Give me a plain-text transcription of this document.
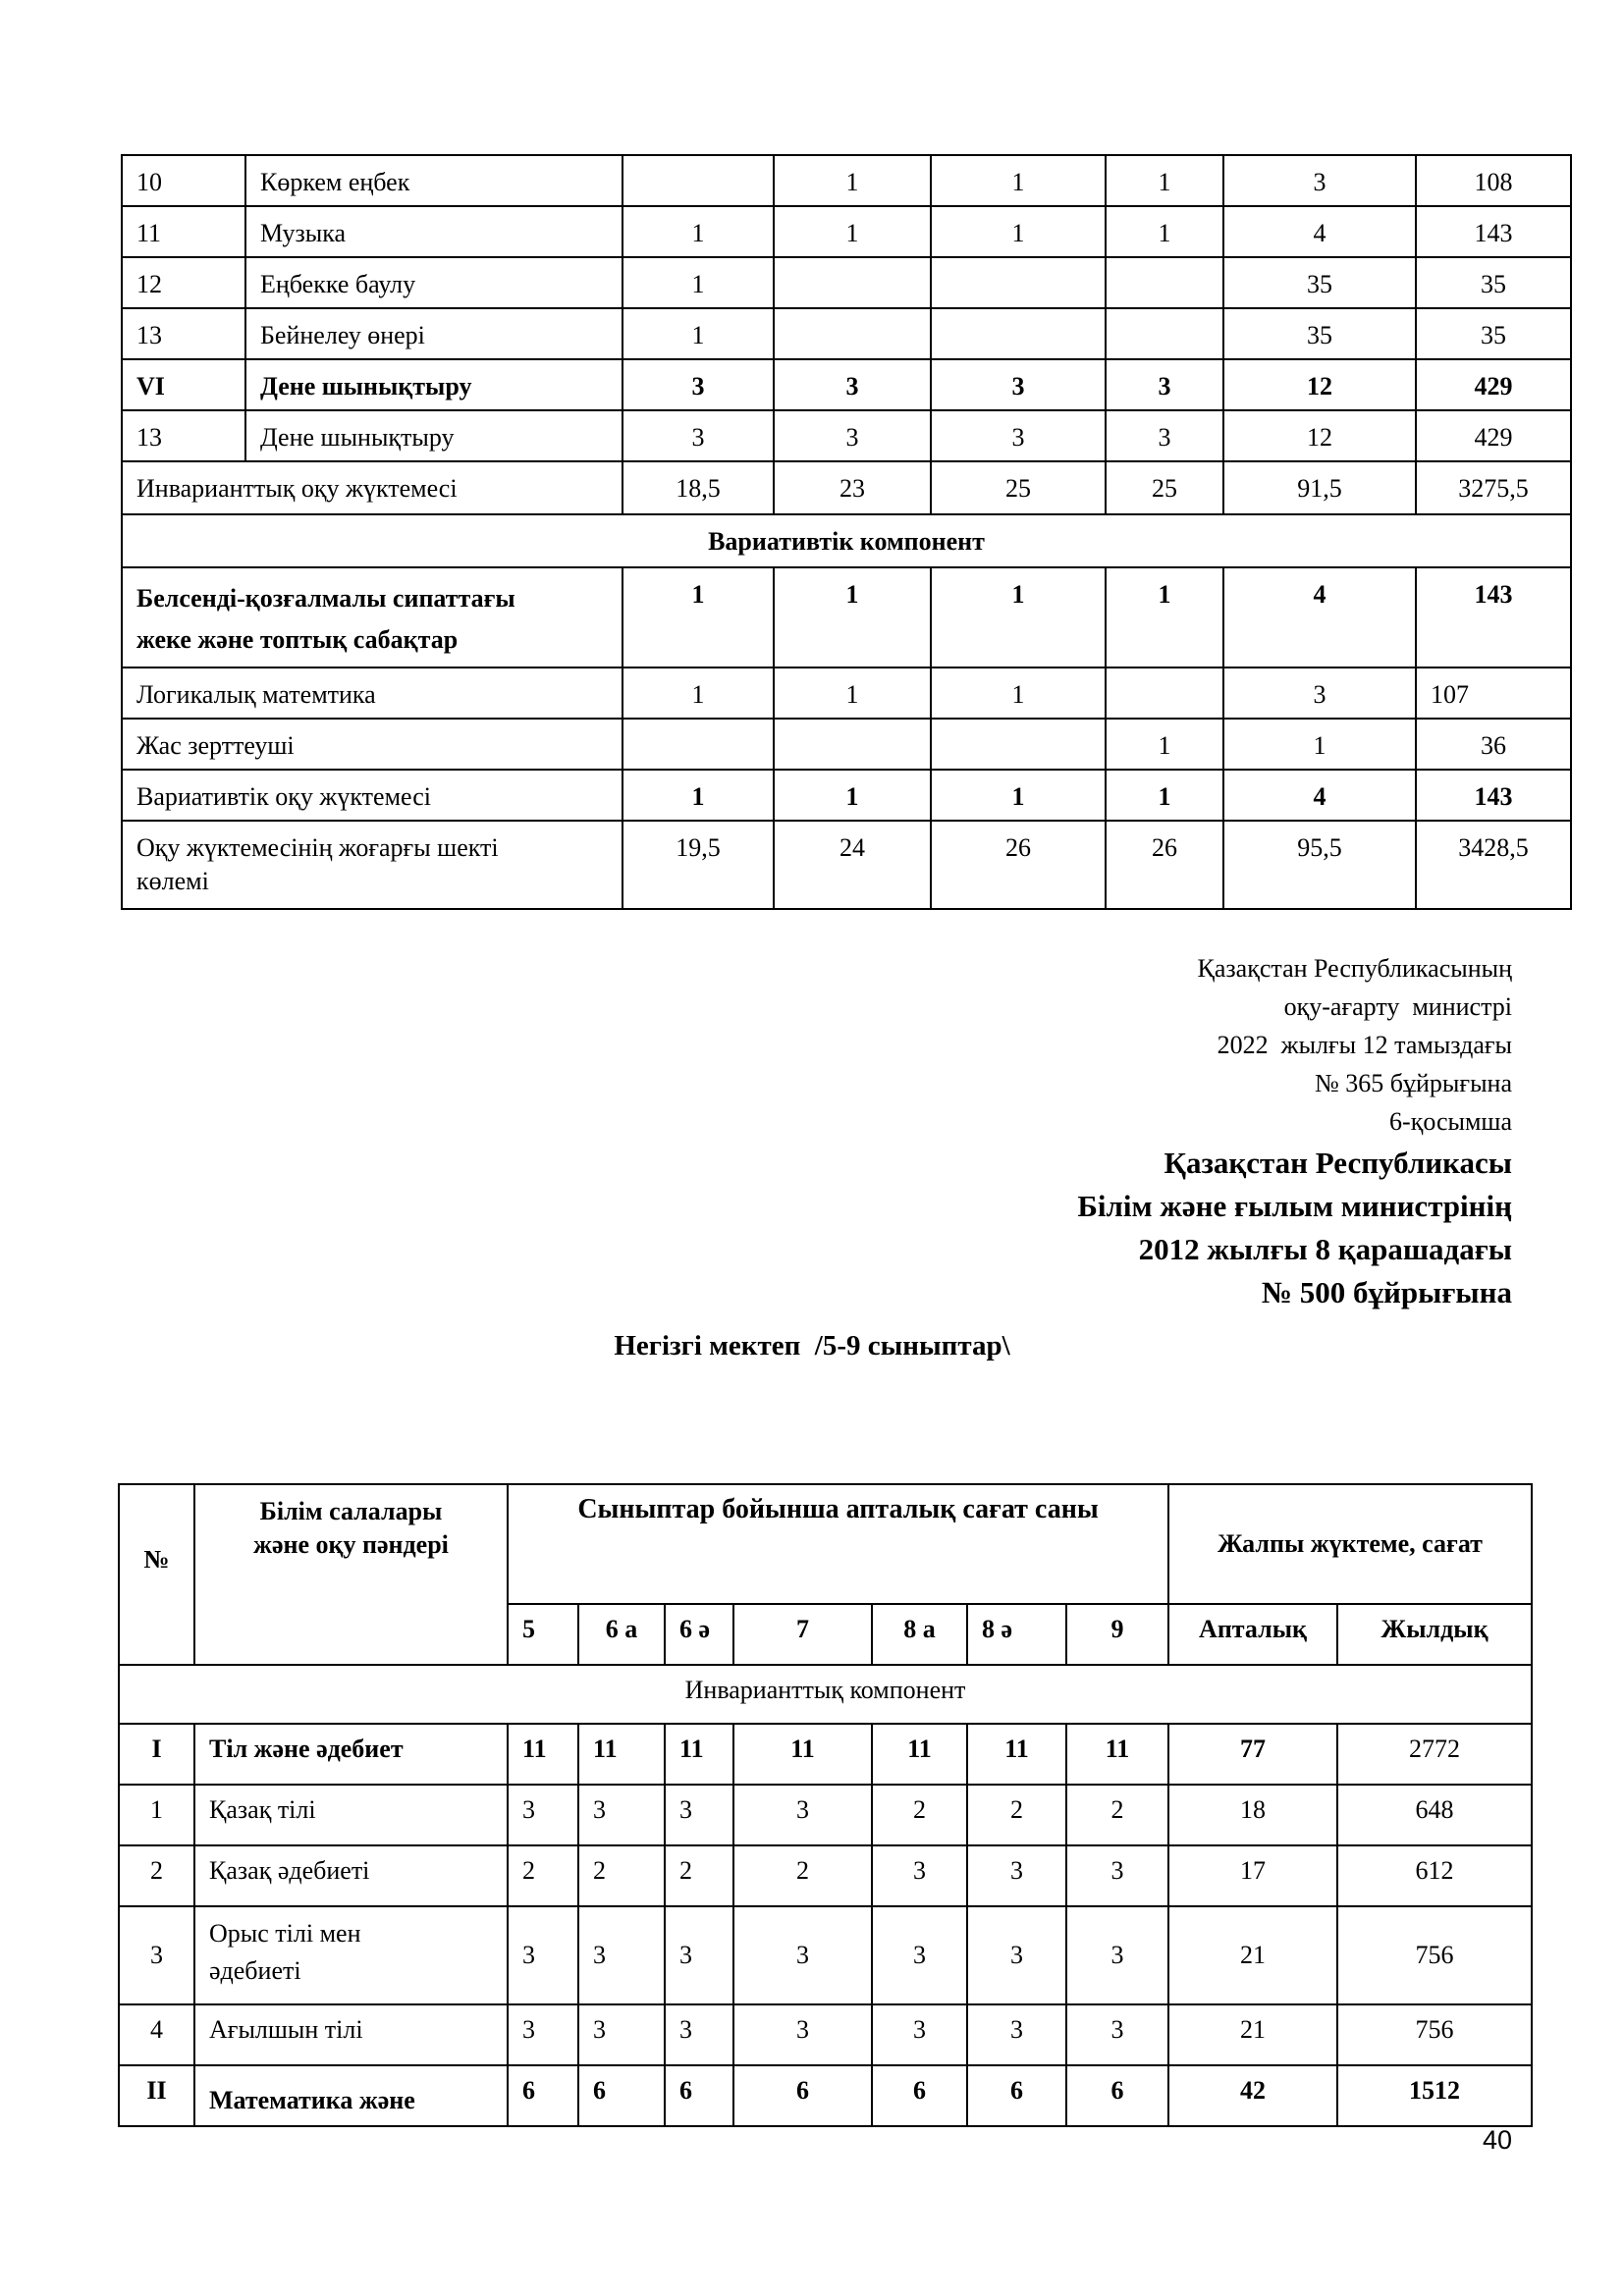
10	Көркем еңбек		1	1	1	3	108
11	Музыка	1	1	1	1	4	143
12	Еңбекке баулу	1				35	35
13	Бейнелеу өнері	1				35	35
VI	Дене шынықтыру	3	3	3	3	12	429
13	Дене шынықтыру	3	3	3	3	12	429
Инварианттық оқу жүктемесі		18,5	23	25	25	91,5	3275,5
Вариативтік компонент							
Белсенді-қозғалмалы сипаттағы
жеке және топтық сабақтар		1	1	1	1	4	143
Логикалық матемтика		1	1	1		3	107
Жас зерттеуші					1	1	36
Вариативтік оқу жүктемесі		1	1	1	1	4	143
Оқу жүктемесінің жоғарғы шекті
көлемі		19,5	24	26	26	95,5	3428,5
Қазақстан Республикасының
оқу-ағарту  министрі
2022  жылғы 12 тамыздағы
№ 365 бұйрығына
6-қосымша
Қазақстан Республикасы
Білім және ғылым министрінің
2012 жылғы 8 қарашадағы
№ 500 бұйрығына
Негізгі мектеп  /5-9 сыныптар\
№	Білім салалары
және оқу пәндері	Сыныптар бойынша апталық сағат саны							Жалпы жүктеме, сағат	
		5	6 а	6 ә	7	8 а	8 ә	9	Апталық	Жылдық
Инварианттық компонент										
I	Тіл және әдебиет	11	11	11	11	11	11	11	77	2772
1	Қазақ тілі	3	3	3	3	2	2	2	18	648
2	Қазақ әдебиеті	2	2	2	2	3	3	3	17	612
3	Орыс тілі мен
әдебиеті	3	3	3	3	3	3	3	21	756
4	Ағылшын тілі	3	3	3	3	3	3	3	21	756
II	Математика және	6	6	6	6	6	6	6	42	1512
40
